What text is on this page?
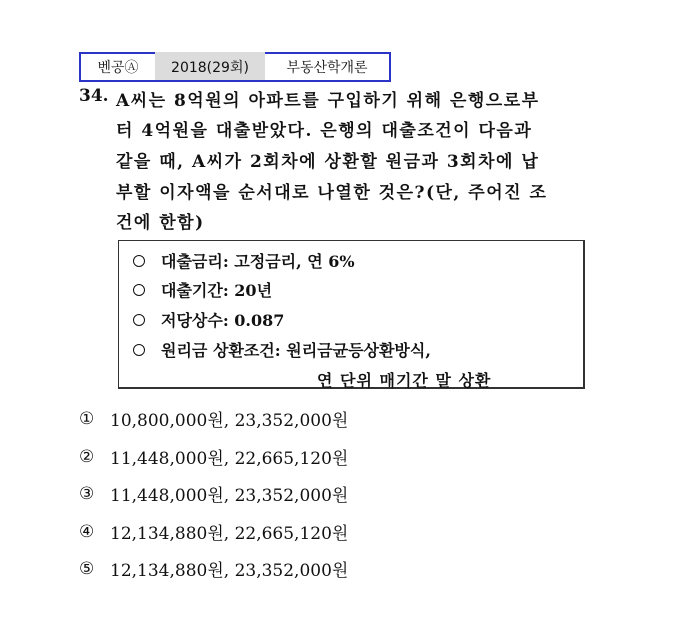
벤공Ⓐ	2018(29회)	부동산학개론
34. A씨는 8억원의 아파트를 구입하기 위해 은행으로부
터 4억원을 대출받았다. 은행의 대출조건이 다음과
같을 때, A씨가 2회차에 상환할 원금과 3회차에 납
부할 이자액을 순서대로 나열한 것은?(단, 주어진 조
건에 한함)
대출금리: 고정금리, 연 6%
대출기간: 20년
저당상수: 0.087
원리금 상환조건: 원리금균등상환방식,
연 단위 매기간 말 상환
① 10,800,000원, 23,352,000원
② 11,448,000원, 22,665,120원
③ 11,448,000원, 23,352,000원
④ 12,134,880원, 22,665,120원
⑤ 12,134,880원, 23,352,000원
